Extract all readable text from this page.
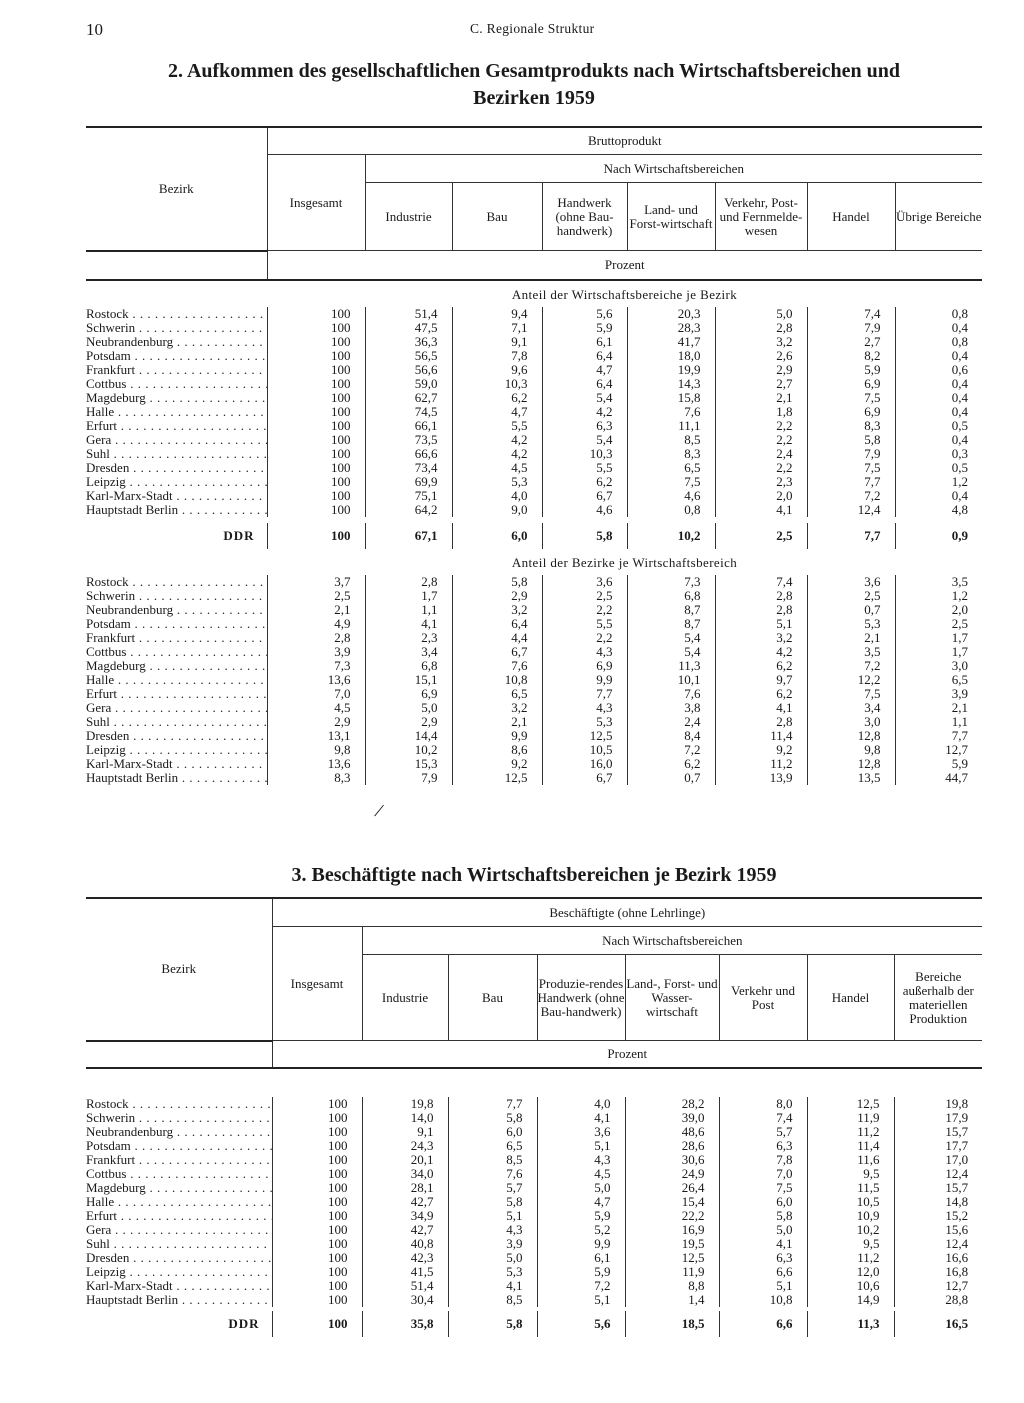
10	C. Regionale Struktur
2. Aufkommen des gesellschaftlichen Gesamtprodukts nach Wirtschaftsbereichen und
Bezirken 1959
Bezirk	Bruttoprodukt							
	Insgesamt	Nach Wirtschaftsbereichen						
		Industrie	Bau	Handwerk (ohne Bau-handwerk)	Land- und Forst-wirtschaft	Verkehr, Post- und Fernmelde-wesen	Handel	Übrige Bereiche
	Prozent							
	Anteil der Wirtschaftsbereiche je Bezirk							
Rostock . . .	100	51,4	9,4	5,6	20,3	5,0	7,4	0,8
Schwerin . . .	100	47,5	7,1	5,9	28,3	2,8	7,9	0,4
Neubrandenburg . . .	100	36,3	9,1	6,1	41,7	3,2	2,7	0,8
Potsdam . . .	100	56,5	7,8	6,4	18,0	2,6	8,2	0,4
Frankfurt . . .	100	56,6	9,6	4,7	19,9	2,9	5,9	0,6
Cottbus . . .	100	59,0	10,3	6,4	14,3	2,7	6,9	0,4
Magdeburg . . .	100	62,7	6,2	5,4	15,8	2,1	7,5	0,4
Halle . . .	100	74,5	4,7	4,2	7,6	1,8	6,9	0,4
Erfurt . . .	100	66,1	5,5	6,3	11,1	2,2	8,3	0,5
Gera . . .	100	73,5	4,2	5,4	8,5	2,2	5,8	0,4
Suhl . . .	100	66,6	4,2	10,3	8,3	2,4	7,9	0,3
Dresden . . .	100	73,4	4,5	5,5	6,5	2,2	7,5	0,5
Leipzig . . .	100	69,9	5,3	6,2	7,5	2,3	7,7	1,2
Karl-Marx-Stadt . . .	100	75,1	4,0	6,7	4,6	2,0	7,2	0,4
Hauptstadt Berlin . . .	100	64,2	9,0	4,6	0,8	4,1	12,4	4,8

DDR	100	67,1	6,0	5,8	10,2	2,5	7,7	0,9
	Anteil der Bezirke je Wirtschaftsbereich							
Rostock . . .	3,7	2,8	5,8	3,6	7,3	7,4	3,6	3,5
Schwerin . . .	2,5	1,7	2,9	2,5	6,8	2,8	2,5	1,2
Neubrandenburg . . .	2,1	1,1	3,2	2,2	8,7	2,8	0,7	2,0
Potsdam . . .	4,9	4,1	6,4	5,5	8,7	5,1	5,3	2,5
Frankfurt . . .	2,8	2,3	4,4	2,2	5,4	3,2	2,1	1,7
Cottbus . . .	3,9	3,4	6,7	4,3	5,4	4,2	3,5	1,7
Magdeburg . . .	7,3	6,8	7,6	6,9	11,3	6,2	7,2	3,0
Halle . . .	13,6	15,1	10,8	9,9	10,1	9,7	12,2	6,5
Erfurt . . .	7,0	6,9	6,5	7,7	7,6	6,2	7,5	3,9
Gera . . .	4,5	5,0	3,2	4,3	3,8	4,1	3,4	2,1
Suhl . . .	2,9	2,9	2,1	5,3	2,4	2,8	3,0	1,1
Dresden . . .	13,1	14,4	9,9	12,5	8,4	11,4	12,8	7,7
Leipzig . . .	9,8	10,2	8,6	10,5	7,2	9,2	9,8	12,7
Karl-Marx-Stadt . . .	13,6	15,3	9,2	16,0	6,2	11,2	12,8	5,9
Hauptstadt Berlin . . .	8,3	7,9	12,5	6,7	0,7	13,9	13,5	44,7
3. Beschäftigte nach Wirtschaftsbereichen je Bezirk 1959
Bezirk	Beschäftigte (ohne Lehrlinge)							
	Insgesamt	Nach Wirtschaftsbereichen						
		Industrie	Bau	Produzie-rendes Handwerk (ohne Bau-handwerk)	Land-, Forst- und Wasser-wirtschaft	Verkehr und Post	Handel	Bereiche außerhalb der materiellen Produktion
	Prozent							

Rostock . . .	100	19,8	7,7	4,0	28,2	8,0	12,5	19,8
Schwerin . . .	100	14,0	5,8	4,1	39,0	7,4	11,9	17,9
Neubrandenburg . . .	100	9,1	6,0	3,6	48,6	5,7	11,2	15,7
Potsdam . . .	100	24,3	6,5	5,1	28,6	6,3	11,4	17,7
Frankfurt . . .	100	20,1	8,5	4,3	30,6	7,8	11,6	17,0
Cottbus . . .	100	34,0	7,6	4,5	24,9	7,0	9,5	12,4
Magdeburg . . .	100	28,1	5,7	5,0	26,4	7,5	11,5	15,7
Halle . . .	100	42,7	5,8	4,7	15,4	6,0	10,5	14,8
Erfurt . . .	100	34,9	5,1	5,9	22,2	5,8	10,9	15,2
Gera . . .	100	42,7	4,3	5,2	16,9	5,0	10,2	15,6
Suhl . . .	100	40,8	3,9	9,9	19,5	4,1	9,5	12,4
Dresden . . .	100	42,3	5,0	6,1	12,5	6,3	11,2	16,6
Leipzig . . .	100	41,5	5,3	5,9	11,9	6,6	12,0	16,8
Karl-Marx-Stadt . . .	100	51,4	4,1	7,2	8,8	5,1	10,6	12,7
Hauptstadt Berlin . . .	100	30,4	8,5	5,1	1,4	10,8	14,9	28,8

DDR	100	35,8	5,8	5,6	18,5	6,6	11,3	16,5
/
